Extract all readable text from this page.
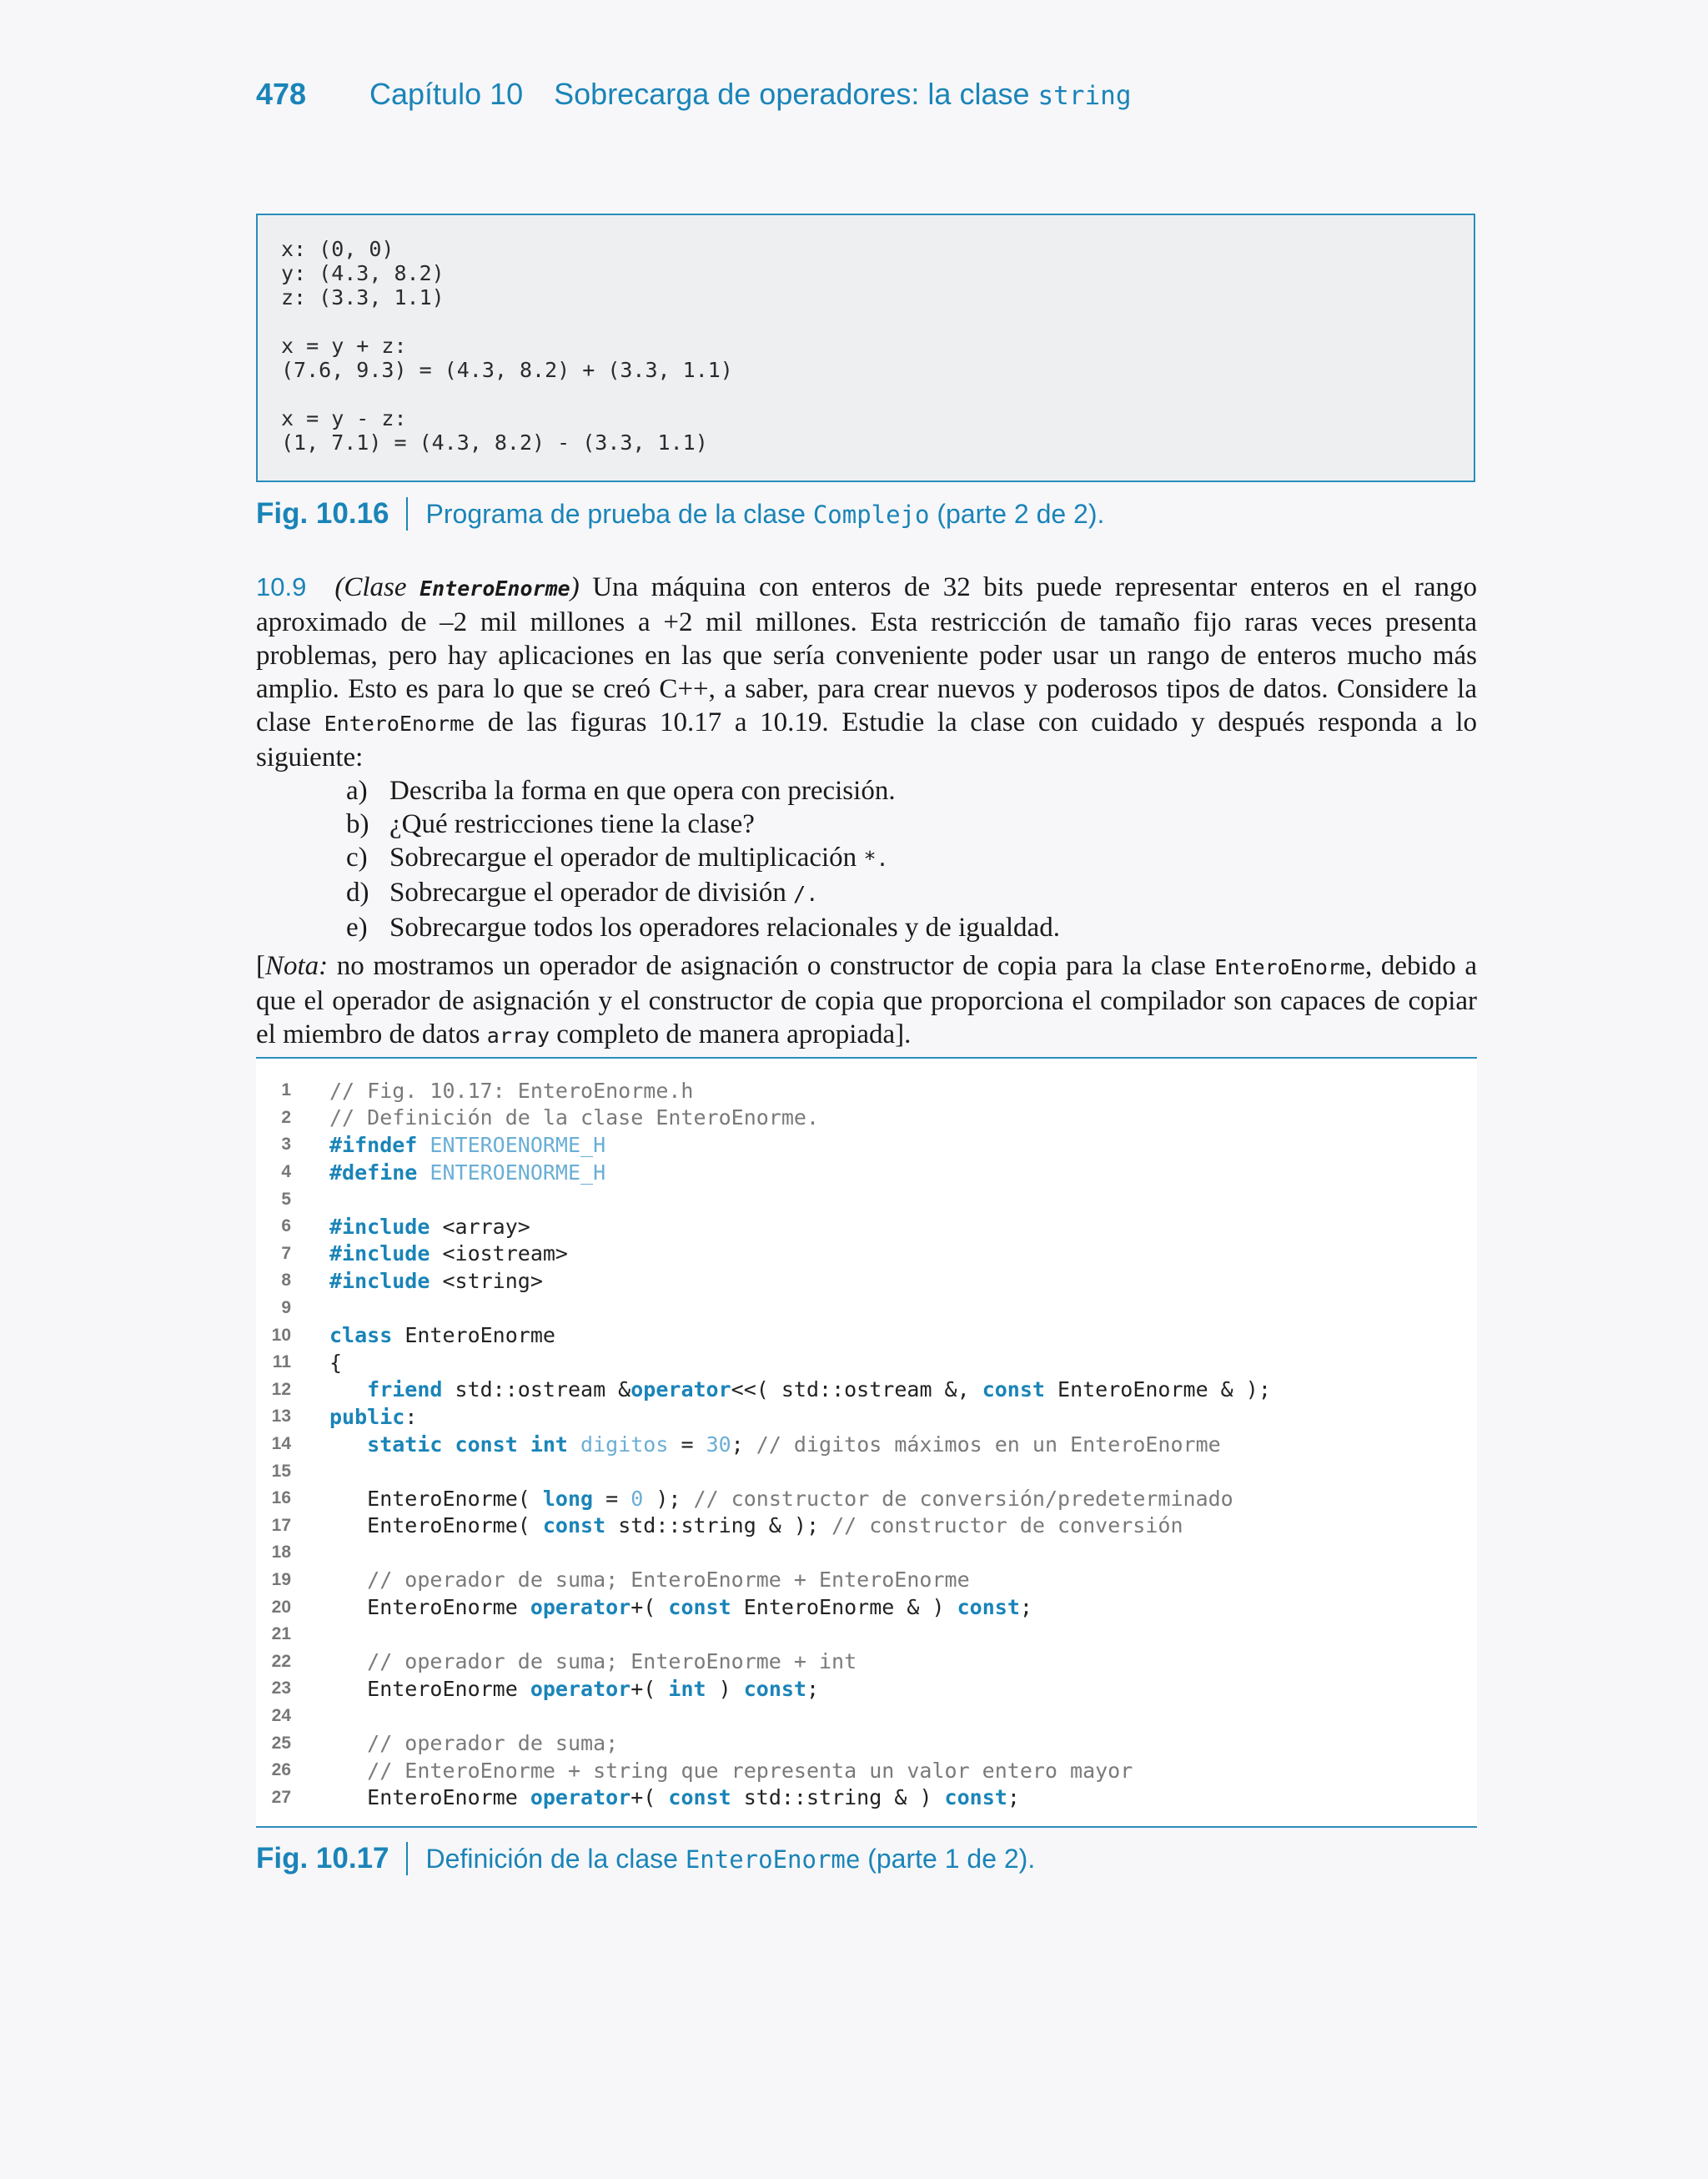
478	Capítulo 10 Sobrecarga de operadores: la clase string
x: (0, 0)
y: (4.3, 8.2)
z: (3.3, 1.1)
x = y + z:
(7.6, 9.3) = (4.3, 8.2) + (3.3, 1.1)
x = y - z:
(1, 7.1) = (4.3, 8.2) - (3.3, 1.1)
Fig. 10.16	Programa de prueba de la clase Complejo (parte 2 de 2).

10.9 (Clase EnteroEnorme) Una máquina con enteros de 32 bits puede representar enteros en el rango aproximado de –2 mil millones a +2 mil millones. Esta restricción de tamaño fijo raras veces presenta problemas, pero hay aplicaciones en las que sería conveniente poder usar un rango de enteros mucho más amplio. Esto es para lo que se creó C++, a saber, para crear nuevos y poderosos tipos de datos. Considere la clase EnteroEnorme de las figuras 10.17 a 10.19. Estudie la clase con cuidado y después responda a lo siguiente:

a) Describa la forma en que opera con precisión.
b) ¿Qué restricciones tiene la clase?
c) Sobrecargue el operador de multiplicación *.
d) Sobrecargue el operador de división /.
e) Sobrecargue todos los operadores relacionales y de igualdad.

[Nota: no mostramos un operador de asignación o constructor de copia para la clase EnteroEnorme, debido a que el operador de asignación y el constructor de copia que proporciona el compilador son capaces de copiar el miembro de datos array completo de manera apropiada].

1 // Fig. 10.17: EnteroEnorme.h
2 // Definición de la clase EnteroEnorme.
3 #ifndef ENTEROENORME_H
4 #define ENTEROENORME_H
5
6 #include <array>
7 #include <iostream>
8 #include <string>
9
10 class EnteroEnorme
11 {
12	friend std::ostream &operator<<( std::ostream &, const EnteroEnorme & );
13 public:
14	static const int digitos = 30; // digitos máximos en un EnteroEnorme
15
16 EnteroEnorme( long = 0 ); // constructor de conversión/predeterminado
17 EnteroEnorme( const std::string & ); // constructor de conversión
18
19	// operador de suma; EnteroEnorme + EnteroEnorme
20 EnteroEnorme operator+( const EnteroEnorme & ) const;
21
22	// operador de suma; EnteroEnorme + int
23 EnteroEnorme operator+( int ) const;
24
25	// operador de suma;
26	// EnteroEnorme + string que representa un valor entero mayor
27 EnteroEnorme operator+( const std::string & ) const;
Fig. 10.17	Definición de la clase EnteroEnorme (parte 1 de 2).
